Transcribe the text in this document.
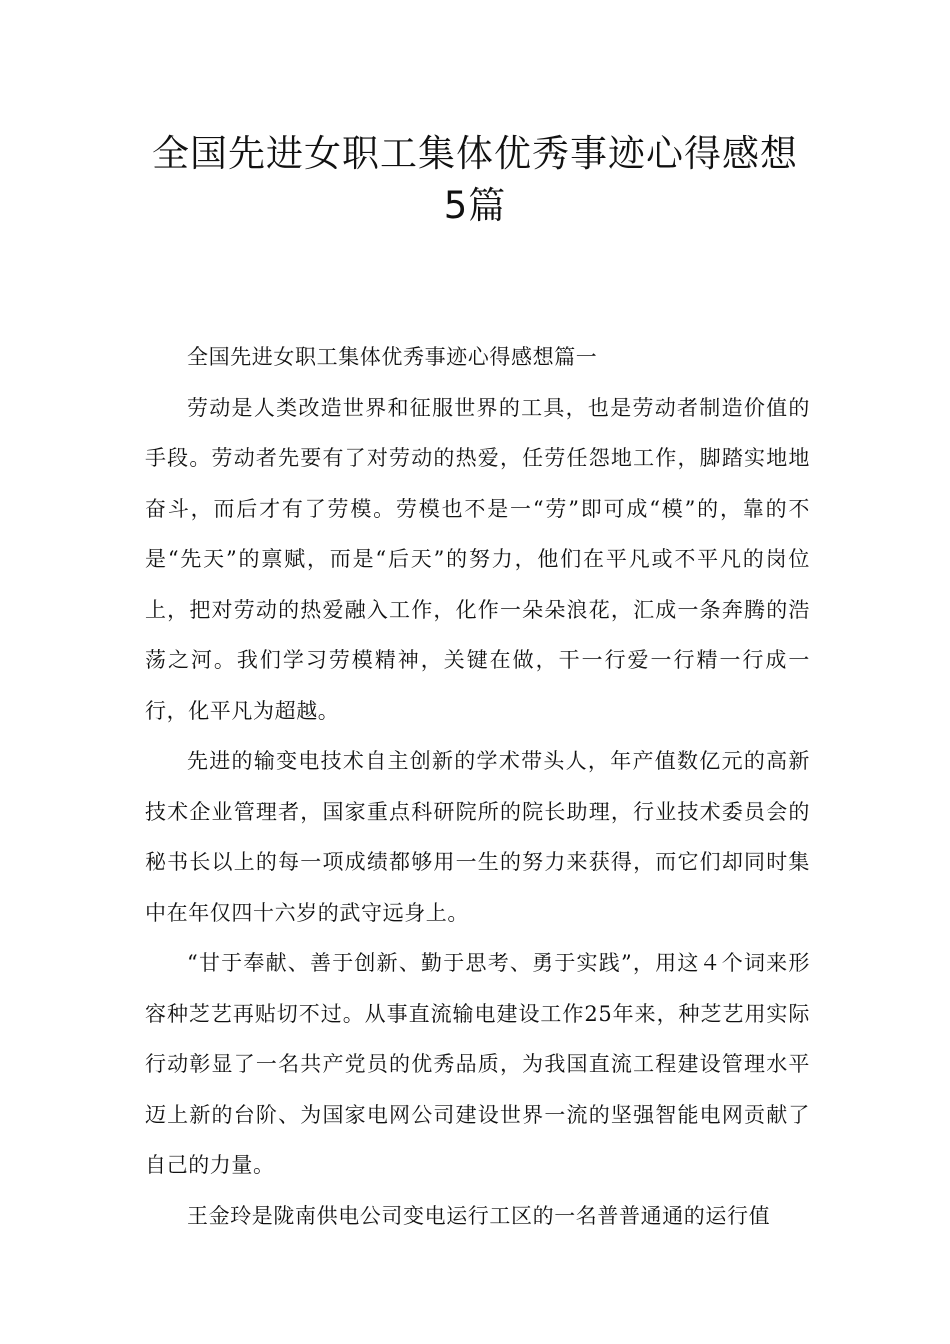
全国先进女职工集体优秀事迹心得感想
5篇

全国先进女职工集体优秀事迹心得感想篇一

劳动是人类改造世界和征服世界的工具，也是劳动者制造价值的手段。劳动者先要有了对劳动的热爱，任劳任怨地工作，脚踏实地地奋斗，而后才有了劳模。劳模也不是一“劳”即可成“模”的，靠的不是“先天”的禀赋，而是“后天”的努力，他们在平凡或不平凡的岗位上，把对劳动的热爱融入工作，化作一朵朵浪花，汇成一条奔腾的浩荡之河。我们学习劳模精神，关键在做，干一行爱一行精一行成一行，化平凡为超越。

先进的输变电技术自主创新的学术带头人，年产值数亿元的高新技术企业管理者，国家重点科研院所的院长助理，行业技术委员会的秘书长以上的每一项成绩都够用一生的努力来获得，而它们却同时集中在年仅四十六岁的武守远身上。

“甘于奉献、善于创新、勤于思考、勇于实践”，用这４个词来形容种芝艺再贴切不过。从事直流输电建设工作25年来，种芝艺用实际行动彰显了一名共产党员的优秀品质，为我国直流工程建设管理水平迈上新的台阶、为国家电网公司建设世界一流的坚强智能电网贡献了自己的力量。

王金玲是陇南供电公司变电运行工区的一名普普通通的运行值
